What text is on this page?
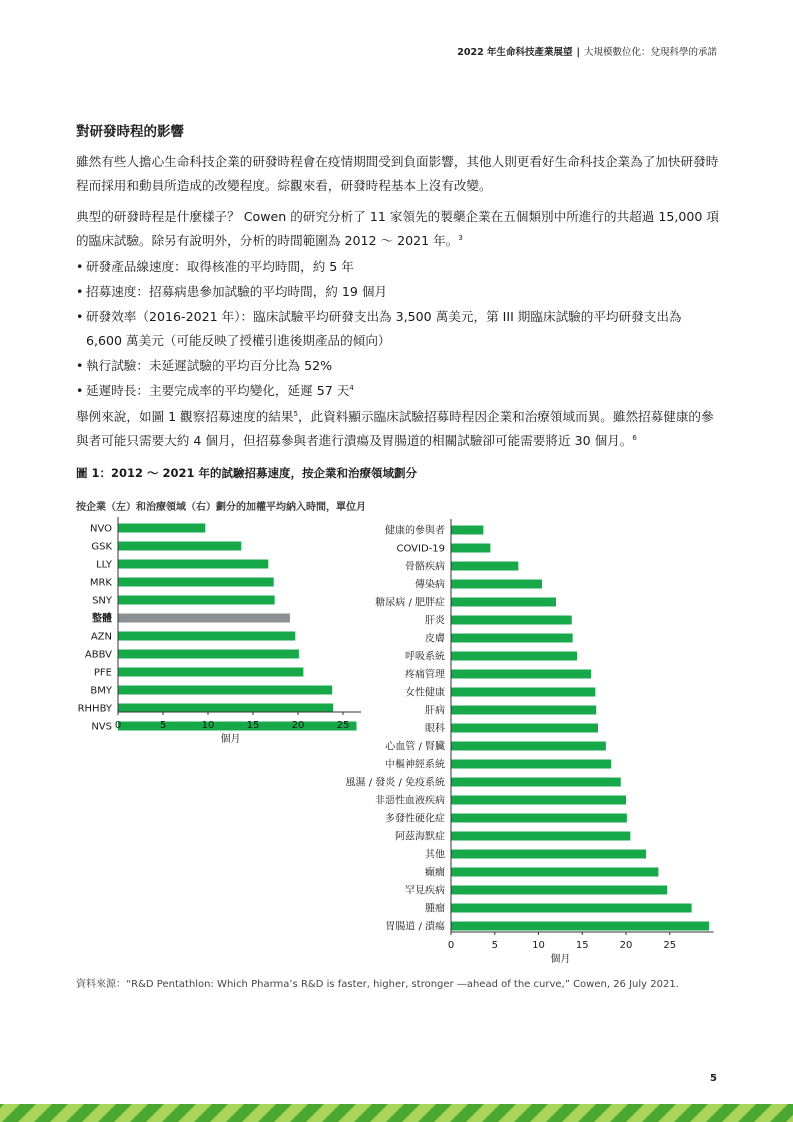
2022 年生命科技產業展望 | 大規模數位化：兌現科學的承諾
對研發時程的影響

雖然有些人擔心生命科技企業的研發時程會在疫情期間受到負面影響，其他人則更看好生命科技企業為了加快研發時程而採用和動員所造成的改變程度。綜觀來看，研發時程基本上沒有改變。

典型的研發時程是什麼樣子？ Cowen 的研究分析了 11 家領先的製藥企業在五個類別中所進行的共超過 15,000 項的臨床試驗。除另有說明外，分析的時間範圍為 2012 ～ 2021 年。$^3$

• 研發產品線速度：取得核准的平均時間，約 5 年
• 招募速度：招募病患參加試驗的平均時間，約 19 個月
• 研發效率（2016-2021 年）：臨床試驗平均研發支出為 3,500 萬美元，第 III 期臨床試驗的平均研發支出為 6,600 萬美元（可能反映了授權引進後期產品的傾向）
• 執行試驗：未延遲試驗的平均百分比為 52%
• 延遲時長：主要完成率的平均變化，延遲 57 天$^4$

舉例來說，如圖 1 觀察招募速度的結果$^5$，此資料顯示臨床試驗招募時程因企業和治療領域而異。雖然招募健康的參與者可能只需要大約 4 個月，但招募參與者進行潰瘍及胃腸道的相關試驗卻可能需要將近 30 個月。$^6$

圖 1：2012 ～ 2021 年的試驗招募速度，按企業和治療領域劃分
按企業（左）和治療領域（右）劃分的加權平均納入時間，單位月
資料來源：“R&D Pentathlon: Which Pharma’s R&D is faster, higher, stronger —ahead of the curve,” Cowen, 26 July 2021.
NVO
GSK
LLY
MRK
SNY
整體
AZN
ABBV
PFE
BMY
RHHBY
NVS 0	5	10	15	20	25
個月
健康的參與者
COVID-19
骨骼疾病
傳染病
糖尿病 / 肥胖症
肝炎
皮膚
呼吸系統
疼痛管理
女性健康
肝病
眼科
心血管 / 腎臟
中樞神經系統
風濕 / 發炎 / 免疫系統
非惡性血液疾病
多發性硬化症
阿茲海默症
其他
癲癇
罕見疾病
腫瘤
胃腸道 / 潰瘍
0	5	10	15	20	25
個月
5
